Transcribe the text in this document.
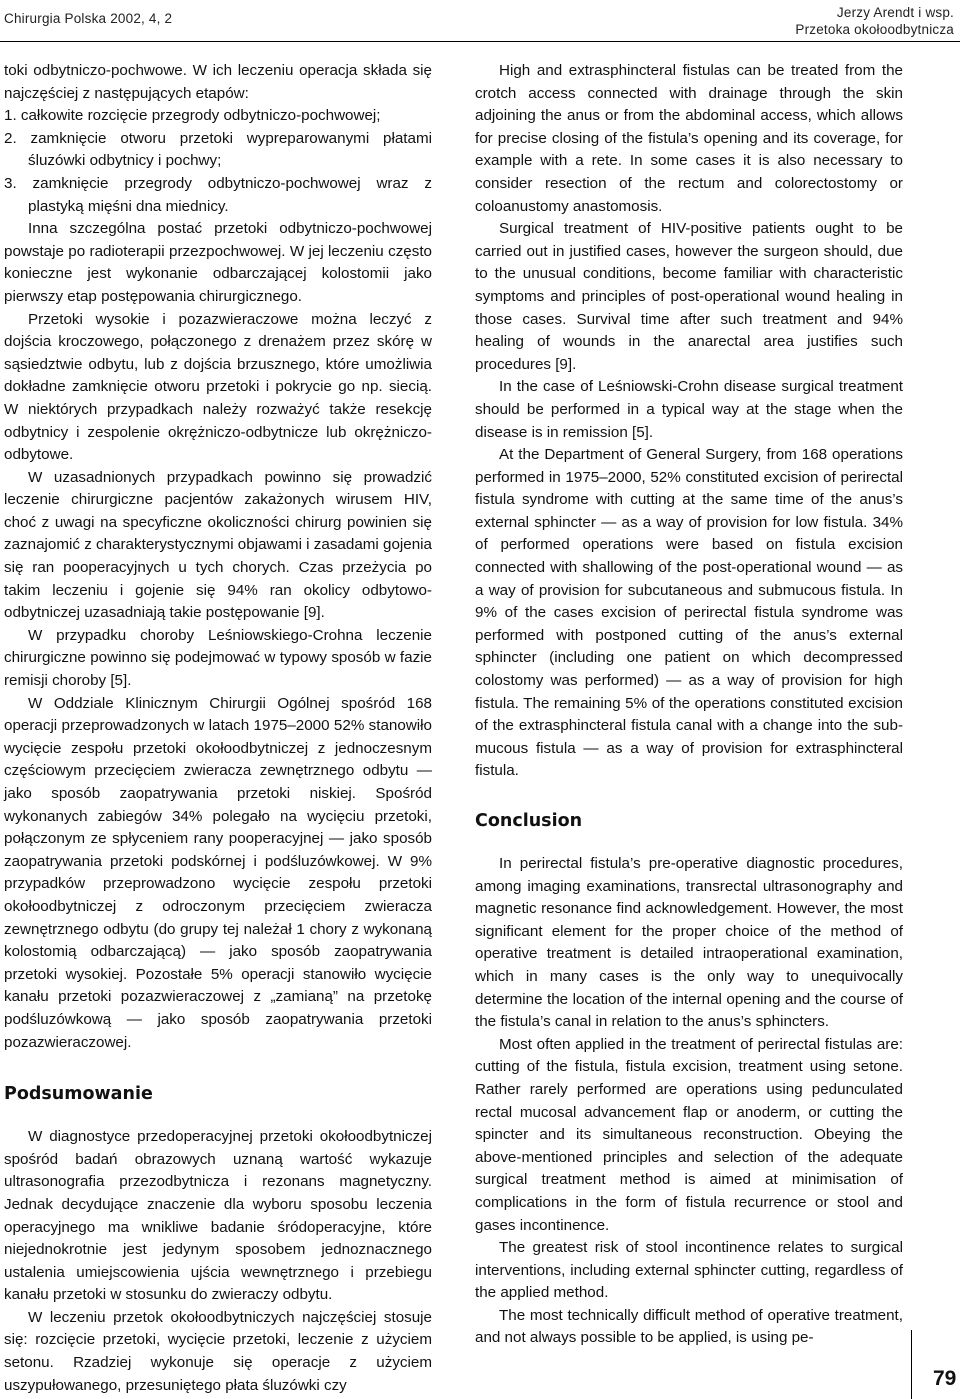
Chirurgia Polska 2002, 4, 2	Jerzy Arendt i wsp.
Przetoka okołoodbytnicza

toki odbytniczo-pochwowe. W ich leczeniu operacja składa się najczęściej z następujących etapów:

1. całkowite rozcięcie przegrody odbytniczo-pochwowej;

2. zamknięcie otworu przetoki wypreparowanymi płatami śluzówki odbytnicy i pochwy;

3. zamknięcie przegrody odbytniczo-pochwowej wraz z plastyką mięśni dna miednicy.

Inna szczególna postać przetoki odbytniczo-pochwowej powstaje po radioterapii przezpochwowej. W jej leczeniu często konieczne jest wykonanie odbarczającej kolostomii jako pierwszy etap postępowania chirurgicznego.

Przetoki wysokie i pozazwieraczowe można leczyć z dojścia kroczowego, połączonego z drenażem przez skórę w sąsiedztwie odbytu, lub z dojścia brzusznego, które umożliwia dokładne zamknięcie otworu przetoki i pokrycie go np. siecią. W niektórych przypadkach należy rozważyć także resekcję odbytnicy i zespolenie okrężniczo-odbytnicze lub okrężniczo-odbytowe.

W uzasadnionych przypadkach powinno się prowadzić leczenie chirurgiczne pacjentów zakażonych wirusem HIV, choć z uwagi na specyficzne okoliczności chirurg powinien się zaznajomić z charakterystycznymi objawami i zasadami gojenia się ran pooperacyjnych u tych chorych. Czas przeżycia po takim leczeniu i gojenie się 94% ran okolicy odbytowo-odbytniczej uzasadniają takie postępowanie [9].

W przypadku choroby Leśniowskiego-Crohna leczenie chirurgiczne powinno się podejmować w typowy sposób w fazie remisji choroby [5].

W Oddziale Klinicznym Chirurgii Ogólnej spośród 168 operacji przeprowadzonych w latach 1975–2000 52% stanowiło wycięcie zespołu przetoki okołoodbytniczej z jednoczesnym częściowym przecięciem zwieracza zewnętrznego odbytu — jako sposób zaopatrywania przetoki niskiej. Spośród wykonanych zabiegów 34% polegało na wycięciu przetoki, połączonym ze spłyceniem rany pooperacyjnej — jako sposób zaopatrywania przetoki podskórnej i podśluzówkowej. W 9% przypadków przeprowadzono wycięcie zespołu przetoki okołoodbytniczej z odroczonym przecięciem zwieracza zewnętrznego odbytu (do grupy tej należał 1 chory z wykonaną kolostomią odbarczającą) — jako sposób zaopatrywania przetoki wysokiej. Pozostałe 5% operacji stanowiło wycięcie kanału przetoki pozazwieraczowej z „zamianą” na przetokę podśluzówkową — jako sposób zaopatrywania przetoki pozazwieraczowej.

Podsumowanie

W diagnostyce przedoperacyjnej przetoki okołoodbytniczej spośród badań obrazowych uznaną wartość wykazuje ultrasonografia przezodbytnicza i rezonans magnetyczny. Jednak decydujące znaczenie dla wyboru sposobu leczenia operacyjnego ma wnikliwe badanie śródoperacyjne, które niejednokrotnie jest jedynym sposobem jednoznacznego ustalenia umiejscowienia ujścia wewnętrznego i przebiegu kanału przetoki w stosunku do zwieraczy odbytu.

W leczeniu przetok okołoodbytniczych najczęściej stosuje się: rozcięcie przetoki, wycięcie przetoki, leczenie z użyciem setonu. Rzadziej wykonuje się operacje z użyciem uszypułowanego, przesuniętego płata śluzówki czy

High and extrasphincteral fistulas can be treated from the crotch access connected with drainage through the skin adjoining the anus or from the abdominal access, which allows for precise closing of the fistula’s opening and its coverage, for example with a rete. In some cases it is also necessary to consider resection of the rectum and colorectostomy or coloanustomy anastomosis.

Surgical treatment of HIV-positive patients ought to be carried out in justified cases, however the surgeon should, due to the unusual conditions, become familiar with characteristic symptoms and principles of post-operational wound healing in those cases. Survival time after such treatment and 94% healing of wounds in the anarectal area justifies such procedures [9].

In the case of Leśniowski-Crohn disease surgical treatment should be performed in a typical way at the stage when the disease is in remission [5].

At the Department of General Surgery, from 168 operations performed in 1975–2000, 52% constituted excision of perirectal fistula syndrome with cutting at the same time of the anus’s external sphincter — as a way of provision for low fistula. 34% of performed operations were based on fistula excision connected with shallowing of the post-operational wound — as a way of provision for subcutaneous and submucous fistula. In 9% of the cases excision of perirectal fistula syndrome was performed with postponed cutting of the anus’s external sphincter (including one patient on which decompressed colostomy was performed) — as a way of provision for high fistula. The remaining 5% of the operations constituted excision of the extrasphincteral fistula canal with a change into the submucous fistula — as a way of provision for extrasphincteral fistula.

Conclusion

In perirectal fistula’s pre-operative diagnostic procedures, among imaging examinations, transrectal ultrasonography and magnetic resonance find acknowledgement. However, the most significant element for the proper choice of the method of operative treatment is detailed intraoperational examination, which in many cases is the only way to unequivocally determine the location of the internal opening and the course of the fistula’s canal in relation to the anus’s sphincters.

Most often applied in the treatment of perirectal fistulas are: cutting of the fistula, fistula excision, treatment using setone. Rather rarely performed are operations using pedunculated rectal mucosal advancement flap or anoderm, or cutting the spincter and its simultaneous reconstruction. Obeying the above-mentioned principles and selection of the adequate surgical treatment method is aimed at minimisation of complications in the form of fistula recurrence or stool and gases incontinence.

The greatest risk of stool incontinence relates to surgical interventions, including external sphincter cutting, regardless of the applied method.

The most technically difficult method of operative treatment, and not always possible to be applied, is using pe-

79
